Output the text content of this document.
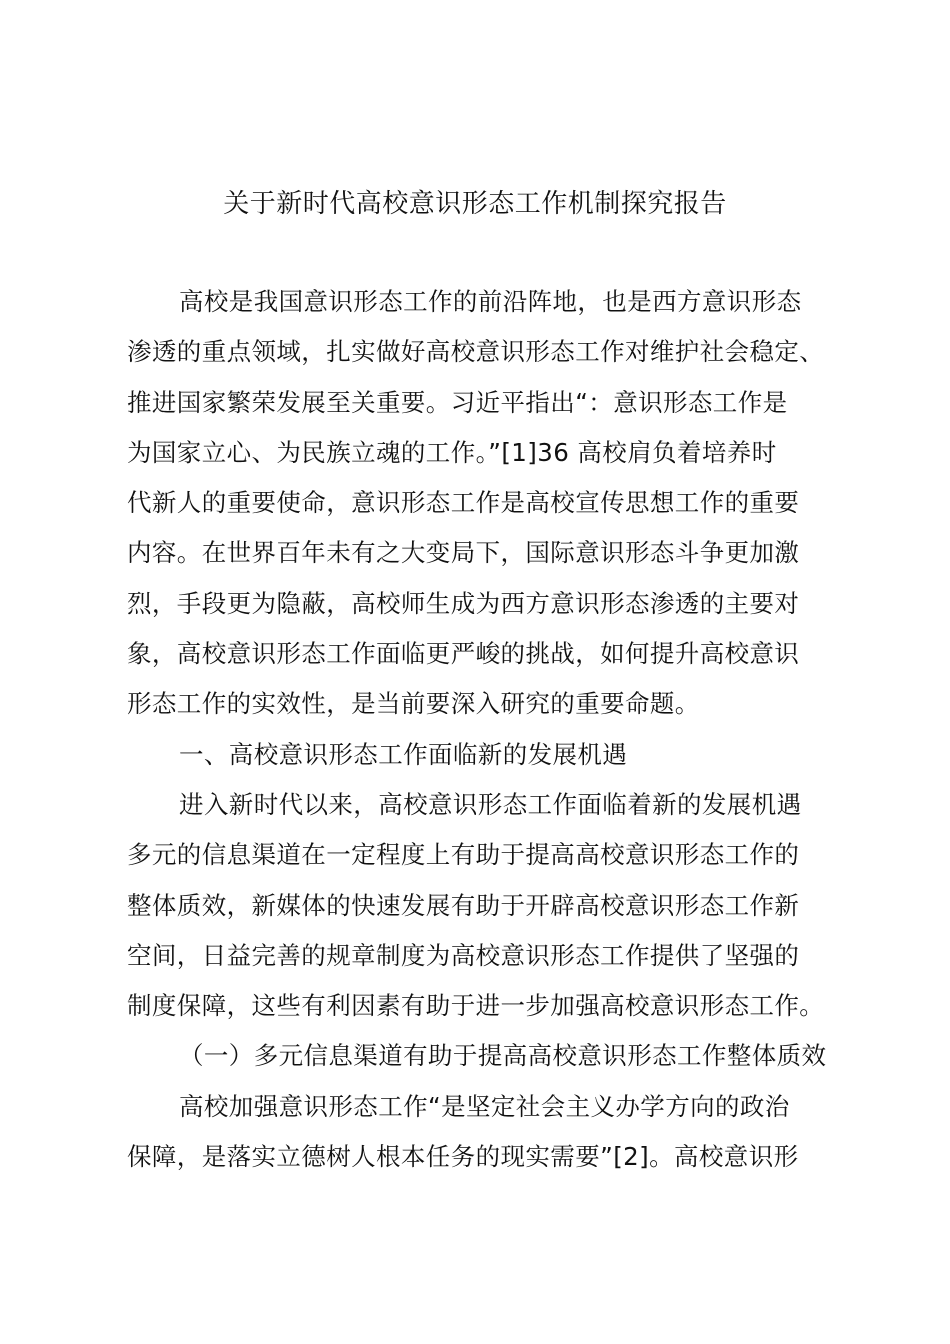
关于新时代高校意识形态工作机制探究报告
高校是我国意识形态工作的前沿阵地，也是西方意识形态
渗透的重点领域，扎实做好高校意识形态工作对维护社会稳定、
推进国家繁荣发展至关重要。习近平指出“：意识形态工作是
为国家立心、为民族立魂的工作。”[1]36 高校肩负着培养时
代新人的重要使命，意识形态工作是高校宣传思想工作的重要
内容。在世界百年未有之大变局下，国际意识形态斗争更加激
烈，手段更为隐蔽，高校师生成为西方意识形态渗透的主要对
象，高校意识形态工作面临更严峻的挑战，如何提升高校意识
形态工作的实效性，是当前要深入研究的重要命题。
一、高校意识形态工作面临新的发展机遇
进入新时代以来，高校意识形态工作面临着新的发展机遇
多元的信息渠道在一定程度上有助于提高高校意识形态工作的
整体质效，新媒体的快速发展有助于开辟高校意识形态工作新
空间，日益完善的规章制度为高校意识形态工作提供了坚强的
制度保障，这些有利因素有助于进一步加强高校意识形态工作。
（一）多元信息渠道有助于提高高校意识形态工作整体质效
高校加强意识形态工作“是坚定社会主义办学方向的政治
保障，是落实立德树人根本任务的现实需要”[2]。高校意识形
